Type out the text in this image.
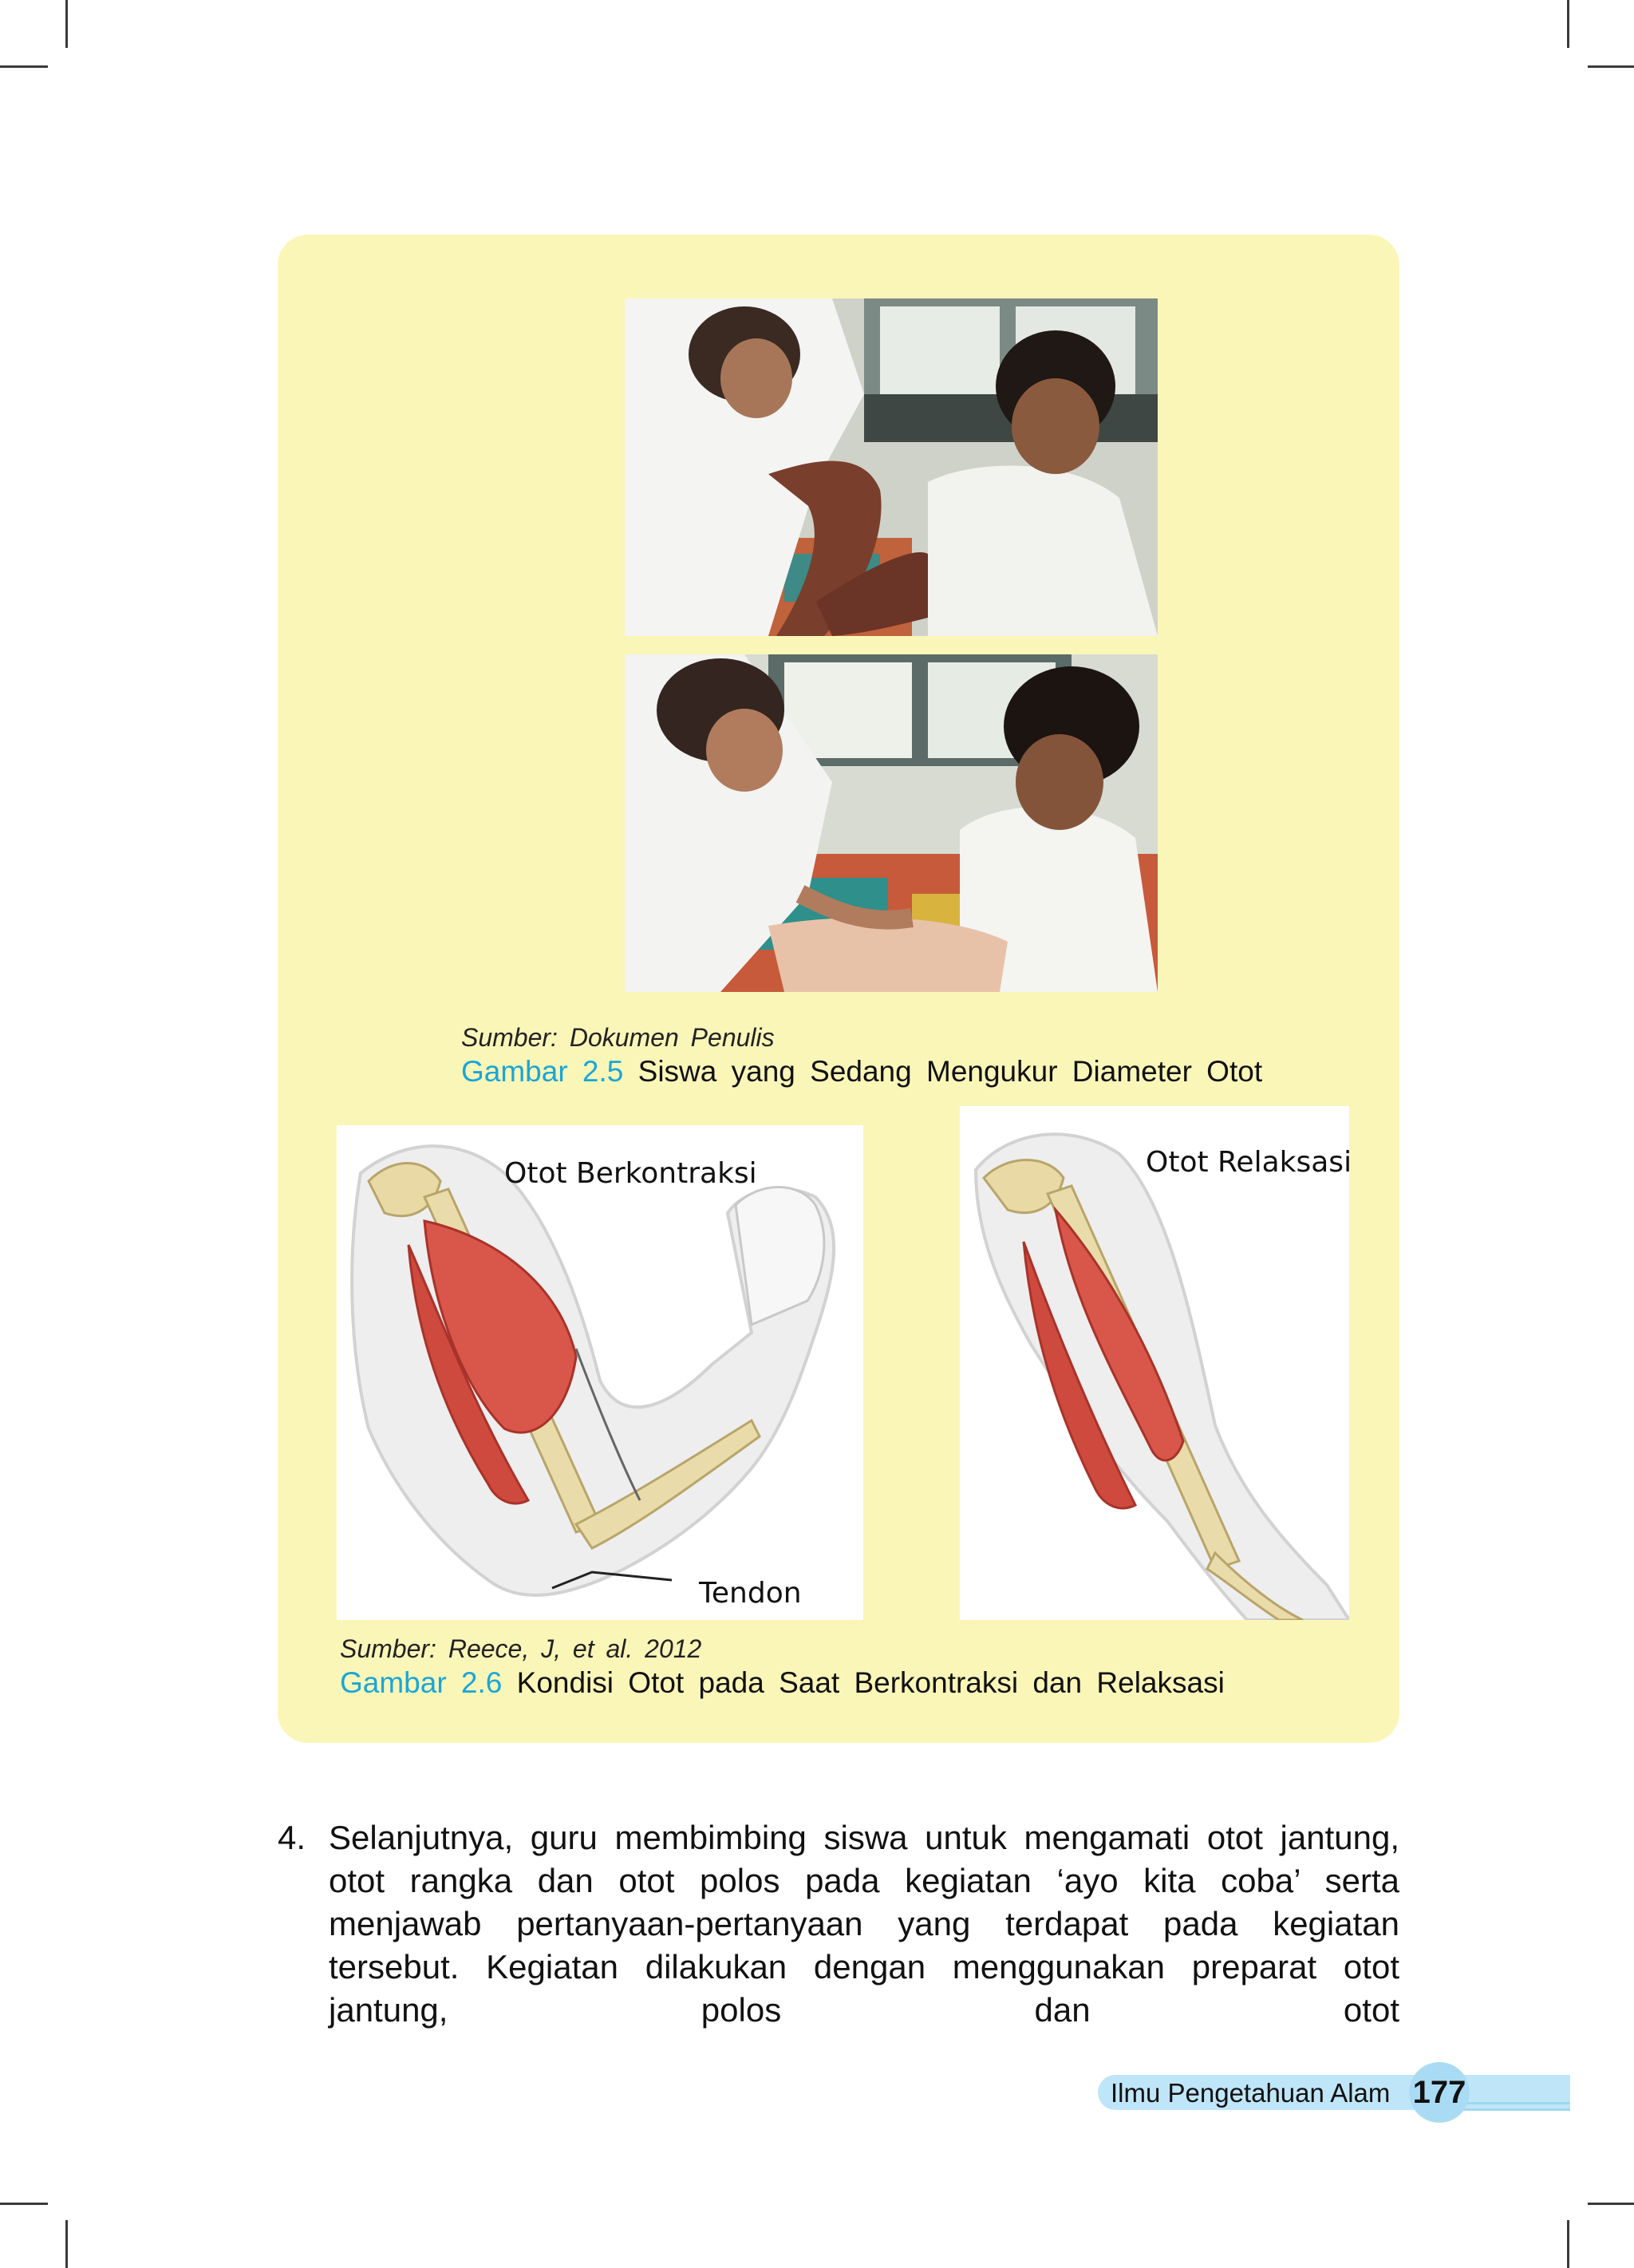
Sumber: Dokumen Penulis
Gambar 2.5 Siswa yang Sedang Mengukur Diameter Otot
Otot Berkontraksi
Tendon
Otot Relaksasi
Sumber: Reece, J, et al. 2012
Gambar 2.6 Kondisi Otot pada Saat Berkontraksi dan Relaksasi
4. Selanjutnya, guru membimbing siswa untuk mengamati otot jantung, otot rangka dan otot polos pada kegiatan ‘ayo kita coba’ serta menjawab pertanyaan-pertanyaan yang terdapat pada kegiatan tersebut. Kegiatan dilakukan dengan menggunakan preparat otot jantung, polos dan otot
Ilmu Pengetahuan Alam 177
